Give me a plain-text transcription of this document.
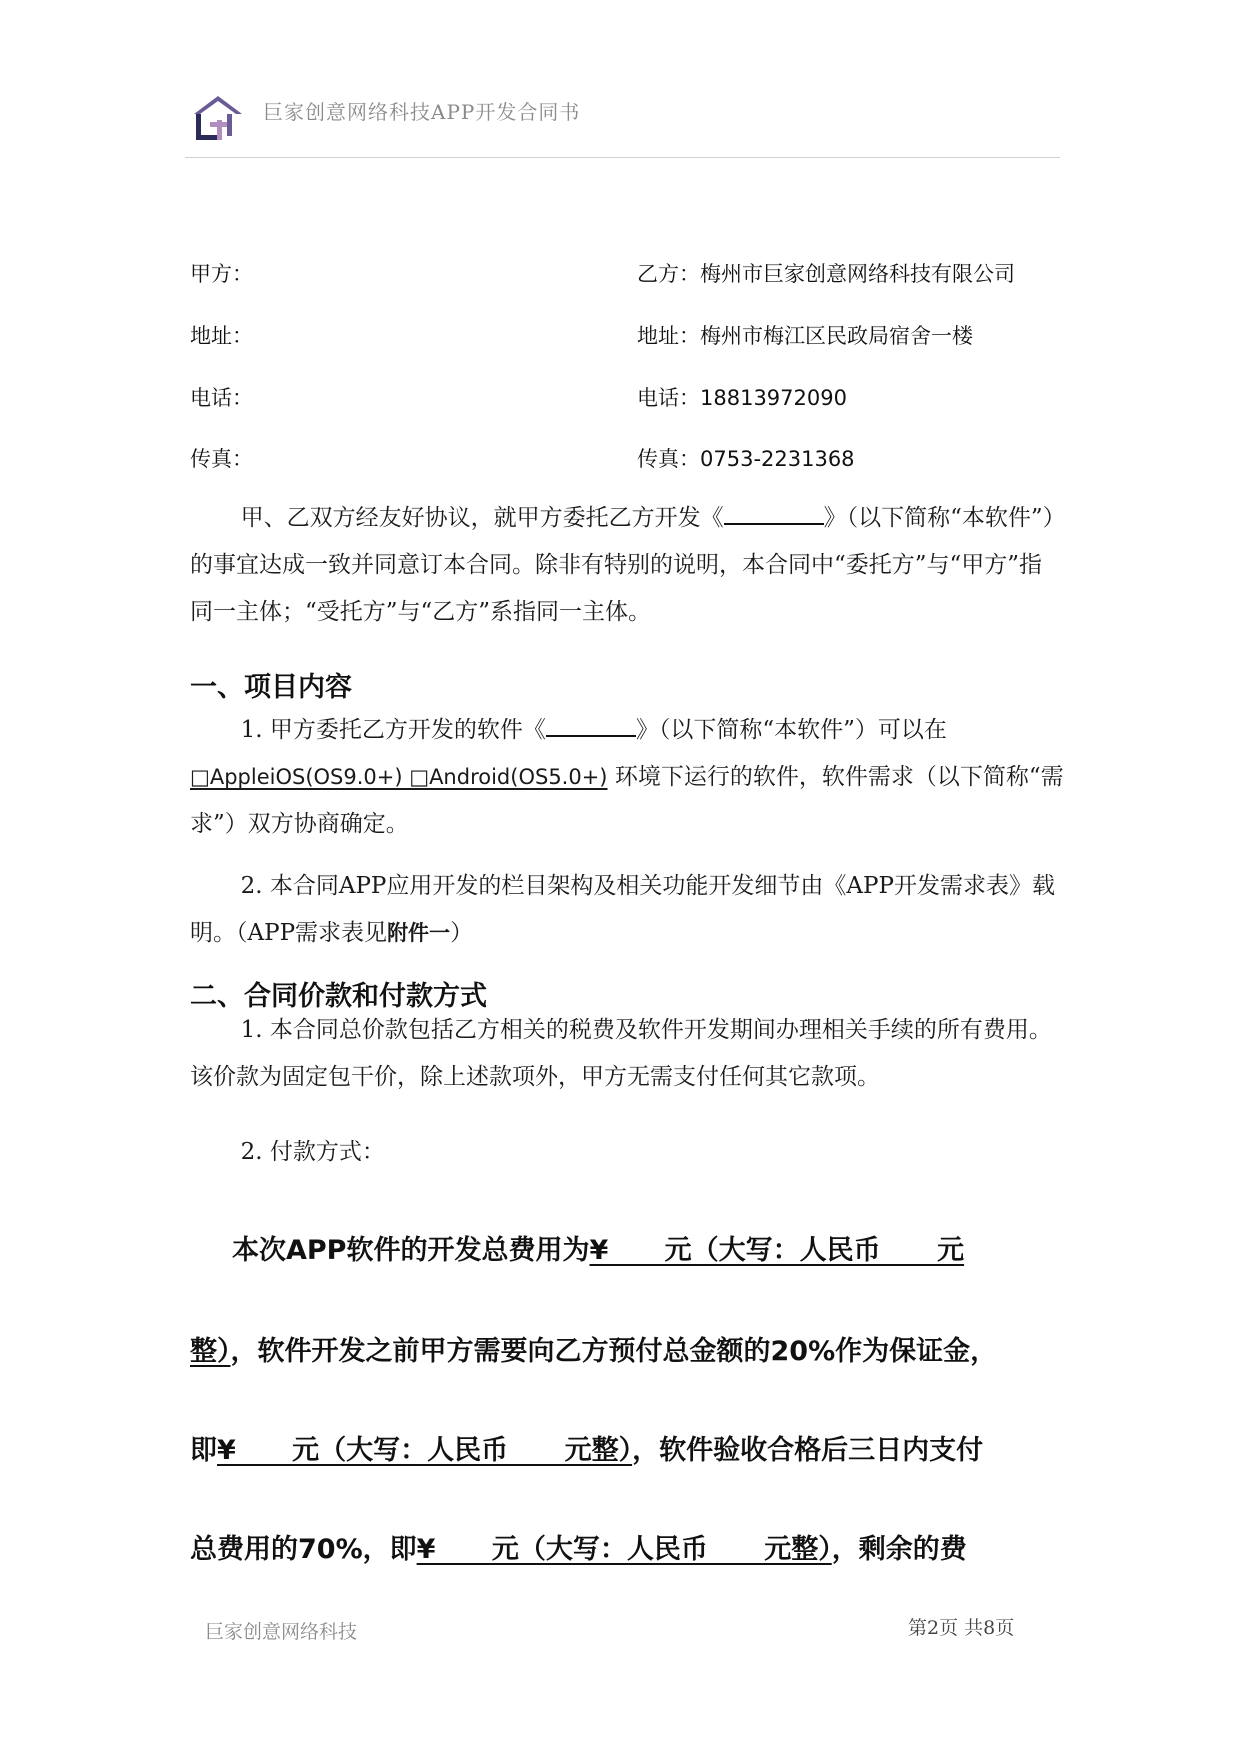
巨家创意网络科技APP开发合同书
甲方：	乙方：梅州市巨家创意网络科技有限公司
地址：	地址：梅州市梅江区民政局宿舍一楼
电话：	电话：18813972090
传真：	传真：0753-2231368

甲、乙双方经友好协议，就甲方委托乙方开发《	》（以下简称“本软件”）的事宜达成一致并同意订本合同。除非有特别的说明，本合同中“委托方”与“甲方”指同一主体；“受托方”与“乙方”系指同一主体。

一、项目内容

1. 甲方委托乙方开发的软件《	》（以下简称“本软件”）可以在□AppleiOS(OS9.0+) □Android(OS5.0+) 环境下运行的软件，软件需求（以下简称“需求”）双方协商确定。

2. 本合同APP应用开发的栏目架构及相关功能开发细节由《APP开发需求表》载明。（APP需求表见附件一）

二、合同价款和付款方式

1. 本合同总价款包括乙方相关的税费及软件开发期间办理相关手续的所有费用。该价款为固定包干价，除上述款项外，甲方无需支付任何其它款项。

2. 付款方式：

本次APP软件的开发总费用为¥      元（大写：人民币      元
整），软件开发之前甲方需要向乙方预付总金额的20%作为保证金，
即¥      元（大写：人民币      元整），软件验收合格后三日内支付
总费用的70%，即¥      元（大写：人民币      元整），剩余的费
巨家创意网络科技	第2页 共8页
